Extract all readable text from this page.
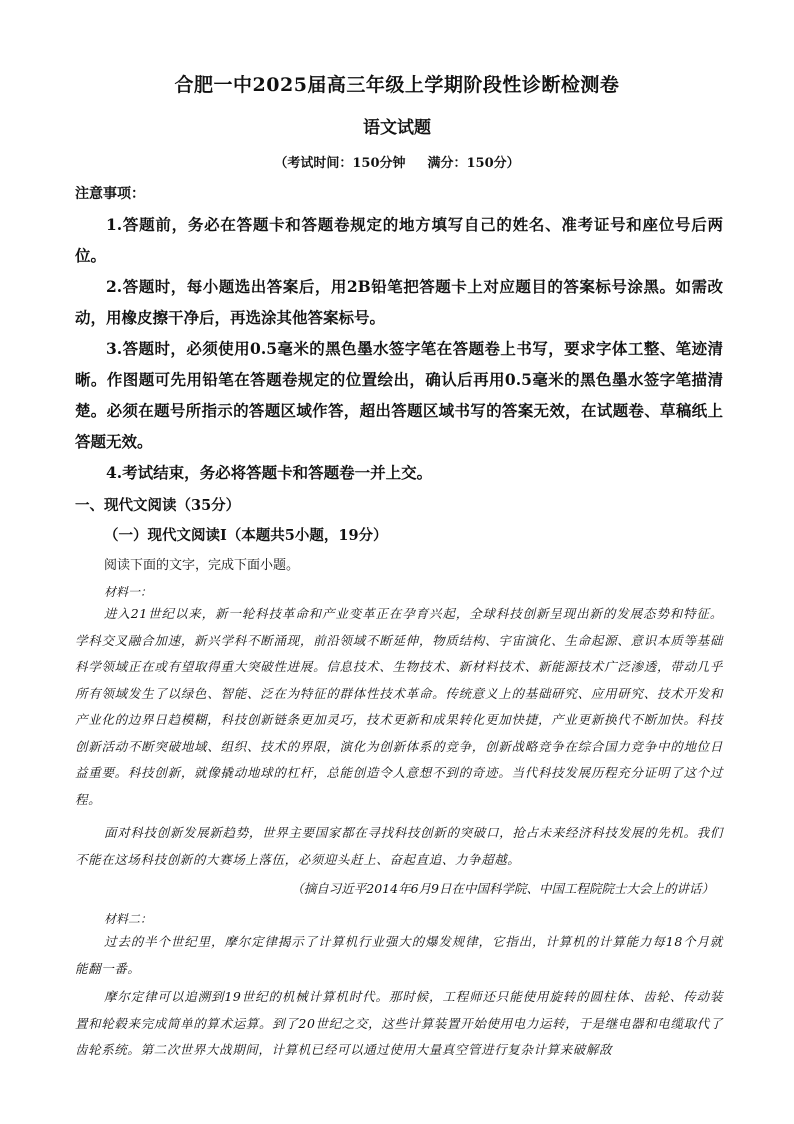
合肥一中2025届高三年级上学期阶段性诊断检测卷
语文试题
（考试时间：150分钟 满分：150分）
注意事项：

1.答题前，务必在答题卡和答题卷规定的地方填写自己的姓名、准考证号和座位号后两位。

2.答题时，每小题选出答案后，用2B铅笔把答题卡上对应题目的答案标号涂黑。如需改动，用橡皮擦干净后，再选涂其他答案标号。

3.答题时，必须使用0.5毫米的黑色墨水签字笔在答题卷上书写，要求字体工整、笔迹清晰。作图题可先用铅笔在答题卷规定的位置绘出，确认后再用0.5毫米的黑色墨水签字笔描清楚。必须在题号所指示的答题区域作答，超出答题区域书写的答案无效，在试题卷、草稿纸上答题无效。

4.考试结束，务必将答题卡和答题卷一并上交。

一、现代文阅读（35分）
（一）现代文阅读Ⅰ（本题共5小题，19分）
阅读下面的文字，完成下面小题。
材料一：

进入21世纪以来，新一轮科技革命和产业变革正在孕育兴起，全球科技创新呈现出新的发展态势和特征。学科交叉融合加速，新兴学科不断涌现，前沿领域不断延伸，物质结构、宇宙演化、生命起源、意识本质等基础科学领域正在或有望取得重大突破性进展。信息技术、生物技术、新材料技术、新能源技术广泛渗透，带动几乎所有领域发生了以绿色、智能、泛在为特征的群体性技术革命。传统意义上的基础研究、应用研究、技术开发和产业化的边界日趋模糊，科技创新链条更加灵巧，技术更新和成果转化更加快捷，产业更新换代不断加快。科技创新活动不断突破地域、组织、技术的界限，演化为创新体系的竞争，创新战略竞争在综合国力竞争中的地位日益重要。科技创新，就像撬动地球的杠杆，总能创造令人意想不到的奇迹。当代科技发展历程充分证明了这个过程。

面对科技创新发展新趋势，世界主要国家都在寻找科技创新的突破口，抢占未来经济科技发展的先机。我们不能在这场科技创新的大赛场上落伍，必须迎头赶上、奋起直追、力争超越。

（摘自习近平2014年6月9日在中国科学院、中国工程院院士大会上的讲话）
材料二：

过去的半个世纪里，摩尔定律揭示了计算机行业强大的爆发规律，它指出，计算机的计算能力每18个月就能翻一番。

摩尔定律可以追溯到19世纪的机械计算机时代。那时候，工程师还只能使用旋转的圆柱体、齿轮、传动装置和轮毂来完成简单的算术运算。到了20世纪之交，这些计算装置开始使用电力运转，于是继电器和电缆取代了齿轮系统。第二次世界大战期间，计算机已经可以通过使用大量真空管进行复杂计算来破解敌
